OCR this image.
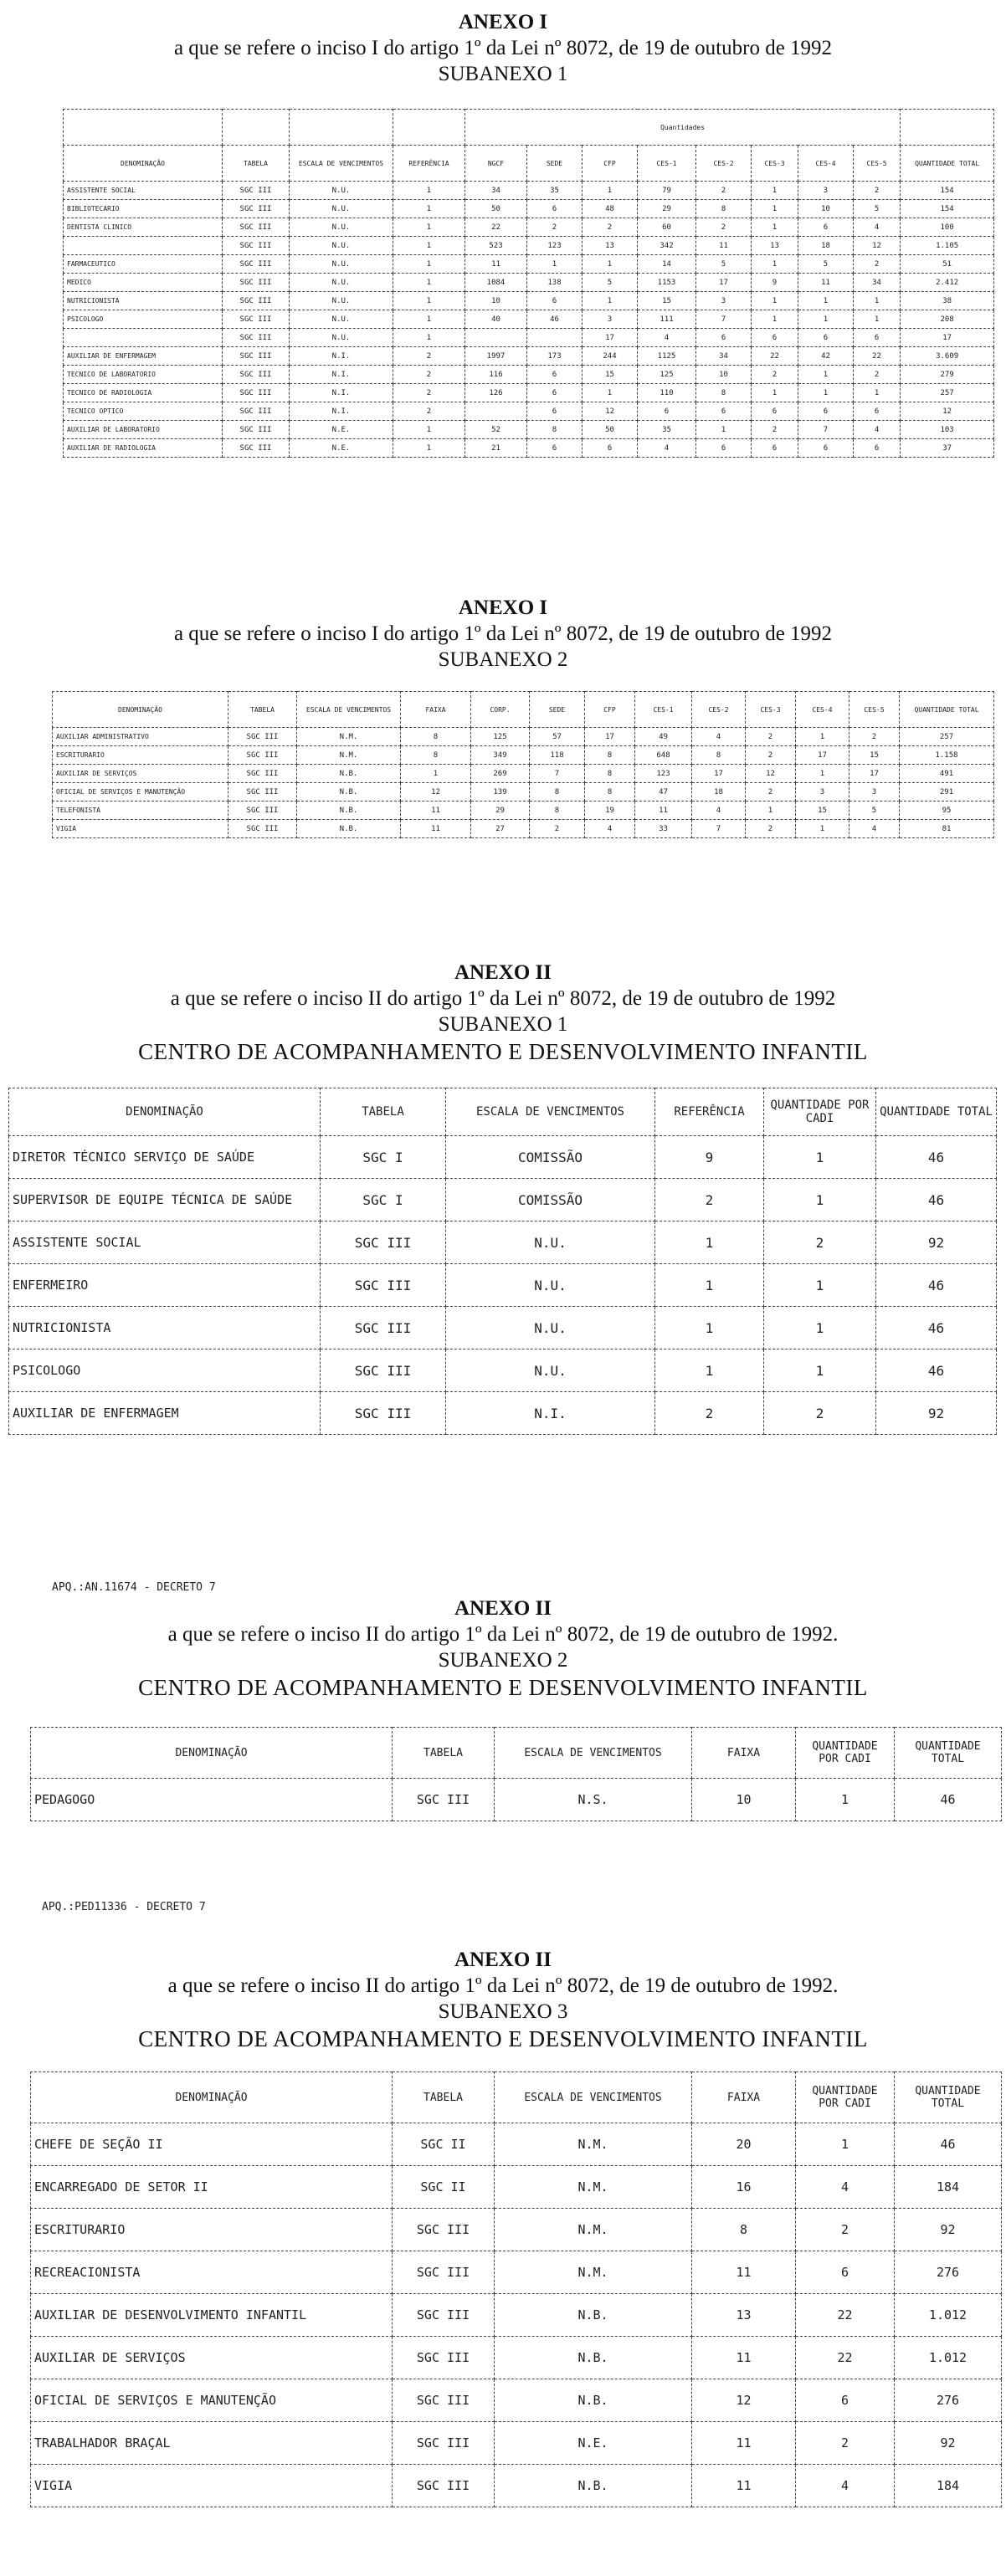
ANEXO I
a que se refere o inciso I do artigo 1º da Lei nº 8072, de 19 de outubro de 1992
SUBANEXO 1
				Quantidades								
DENOMINAÇÃO	TABELA	ESCALA DE VENCIMENTOS	REFERÊNCIA	NGCF	SEDE	CFP	CES-1	CES-2	CES-3	CES-4	CES-5	QUANTIDADE TOTAL
ASSISTENTE SOCIAL	SGC III	N.U.	1	34	35	1	79	2	1	3	2	154
BIBLIOTECARIO	SGC III	N.U.	1	50	6	48	29	8	1	10	5	154
DENTISTA CLINICO	SGC III	N.U.	1	22	2	2	60	2	1	6	4	100
	SGC III	N.U.	1	523	123	13	342	11	13	18	12	1.105
FARMACEUTICO	SGC III	N.U.	1	11	1	1	14	5	1	5	2	51
MEDICO	SGC III	N.U.	1	1084	138	5	1153	17	9	11	34	2.412
NUTRICIONISTA	SGC III	N.U.	1	10	6	1	15	3	1	1	1	38
PSICOLOGO	SGC III	N.U.	1	40	46	3	111	7	1	1	1	208
	SGC III	N.U.	1			17	4	6	6	6	6	17
AUXILIAR DE ENFERMAGEM	SGC III	N.I.	2	1997	173	244	1125	34	22	42	22	3.609
TECNICO DE LABORATORIO	SGC III	N.I.	2	116	6	15	125	10	2	1	2	279
TECNICO DE RADIOLOGIA	SGC III	N.I.	2	126	6	1	110	8	1	1	1	257
TECNICO OPTICO	SGC III	N.I.	2		6	12	6	6	6	6	6	12
AUXILIAR DE LABORATORIO	SGC III	N.E.	1	52	8	50	35	1	2	7	4	103
AUXILIAR DE RADIOLOGIA	SGC III	N.E.	1	21	6	6	4	6	6	6	6	37
ANEXO I
a que se refere o inciso I do artigo 1º da Lei nº 8072, de 19 de outubro de 1992
SUBANEXO 2
DENOMINAÇÃO	TABELA	ESCALA DE VENCIMENTOS	FAIXA	CORP.	SEDE	CFP	CES-1	CES-2	CES-3	CES-4	CES-5	QUANTIDADE TOTAL
AUXILIAR ADMINISTRATIVO	SGC III	N.M.	8	125	57	17	49	4	2	1	2	257
ESCRITURARIO	SGC III	N.M.	8	349	118	8	648	8	2	17	15	1.158
AUXILIAR DE SERVIÇOS	SGC III	N.B.	1	269	7	8	123	17	12	1	17	491
OFICIAL DE SERVIÇOS E MANUTENÇÃO	SGC III	N.B.	12	139	8	8	47	18	2	3	3	291
TELEFONISTA	SGC III	N.B.	11	29	8	19	11	4	1	15	5	95
VIGIA	SGC III	N.B.	11	27	2	4	33	7	2	1	4	81
ANEXO II
a que se refere o inciso II do artigo 1º da Lei nº 8072, de 19 de outubro de 1992
SUBANEXO 1
CENTRO DE ACOMPANHAMENTO E DESENVOLVIMENTO INFANTIL
DENOMINAÇÃO	TABELA	ESCALA DE VENCIMENTOS	REFERÊNCIA	QUANTIDADE POR CADI	QUANTIDADE TOTAL
DIRETOR TÉCNICO SERVIÇO DE SAÚDE	SGC I	COMISSÃO	9	1	46
SUPERVISOR DE EQUIPE TÉCNICA DE SAÚDE	SGC I	COMISSÃO	2	1	46
ASSISTENTE SOCIAL	SGC III	N.U.	1	2	92
ENFERMEIRO	SGC III	N.U.	1	1	46
NUTRICIONISTA	SGC III	N.U.	1	1	46
PSICOLOGO	SGC III	N.U.	1	1	46
AUXILIAR DE ENFERMAGEM	SGC III	N.I.	2	2	92
APQ.:AN.11674 - DECRETO 7
ANEXO II
a que se refere o inciso II do artigo 1º da Lei nº 8072, de 19 de outubro de 1992.
SUBANEXO 2
CENTRO DE ACOMPANHAMENTO E DESENVOLVIMENTO INFANTIL
DENOMINAÇÃO	TABELA	ESCALA DE VENCIMENTOS	FAIXA	QUANTIDADE POR CADI	QUANTIDADE TOTAL
PEDAGOGO	SGC III	N.S.	10	1	46
APQ.:PED11336 - DECRETO 7
ANEXO II
a que se refere o inciso II do artigo 1º da Lei nº 8072, de 19 de outubro de 1992.
SUBANEXO 3
CENTRO DE ACOMPANHAMENTO E DESENVOLVIMENTO INFANTIL
DENOMINAÇÃO	TABELA	ESCALA DE VENCIMENTOS	FAIXA	QUANTIDADE POR CADI	QUANTIDADE TOTAL
CHEFE DE SEÇÃO II	SGC II	N.M.	20	1	46
ENCARREGADO DE SETOR II	SGC II	N.M.	16	4	184
ESCRITURARIO	SGC III	N.M.	8	2	92
RECREACIONISTA	SGC III	N.M.	11	6	276
AUXILIAR DE DESENVOLVIMENTO INFANTIL	SGC III	N.B.	13	22	1.012
AUXILIAR DE SERVIÇOS	SGC III	N.B.	11	22	1.012
OFICIAL DE SERVIÇOS E MANUTENÇÃO	SGC III	N.B.	12	6	276
TRABALHADOR BRAÇAL	SGC III	N.E.	11	2	92
VIGIA	SGC III	N.B.	11	4	184
